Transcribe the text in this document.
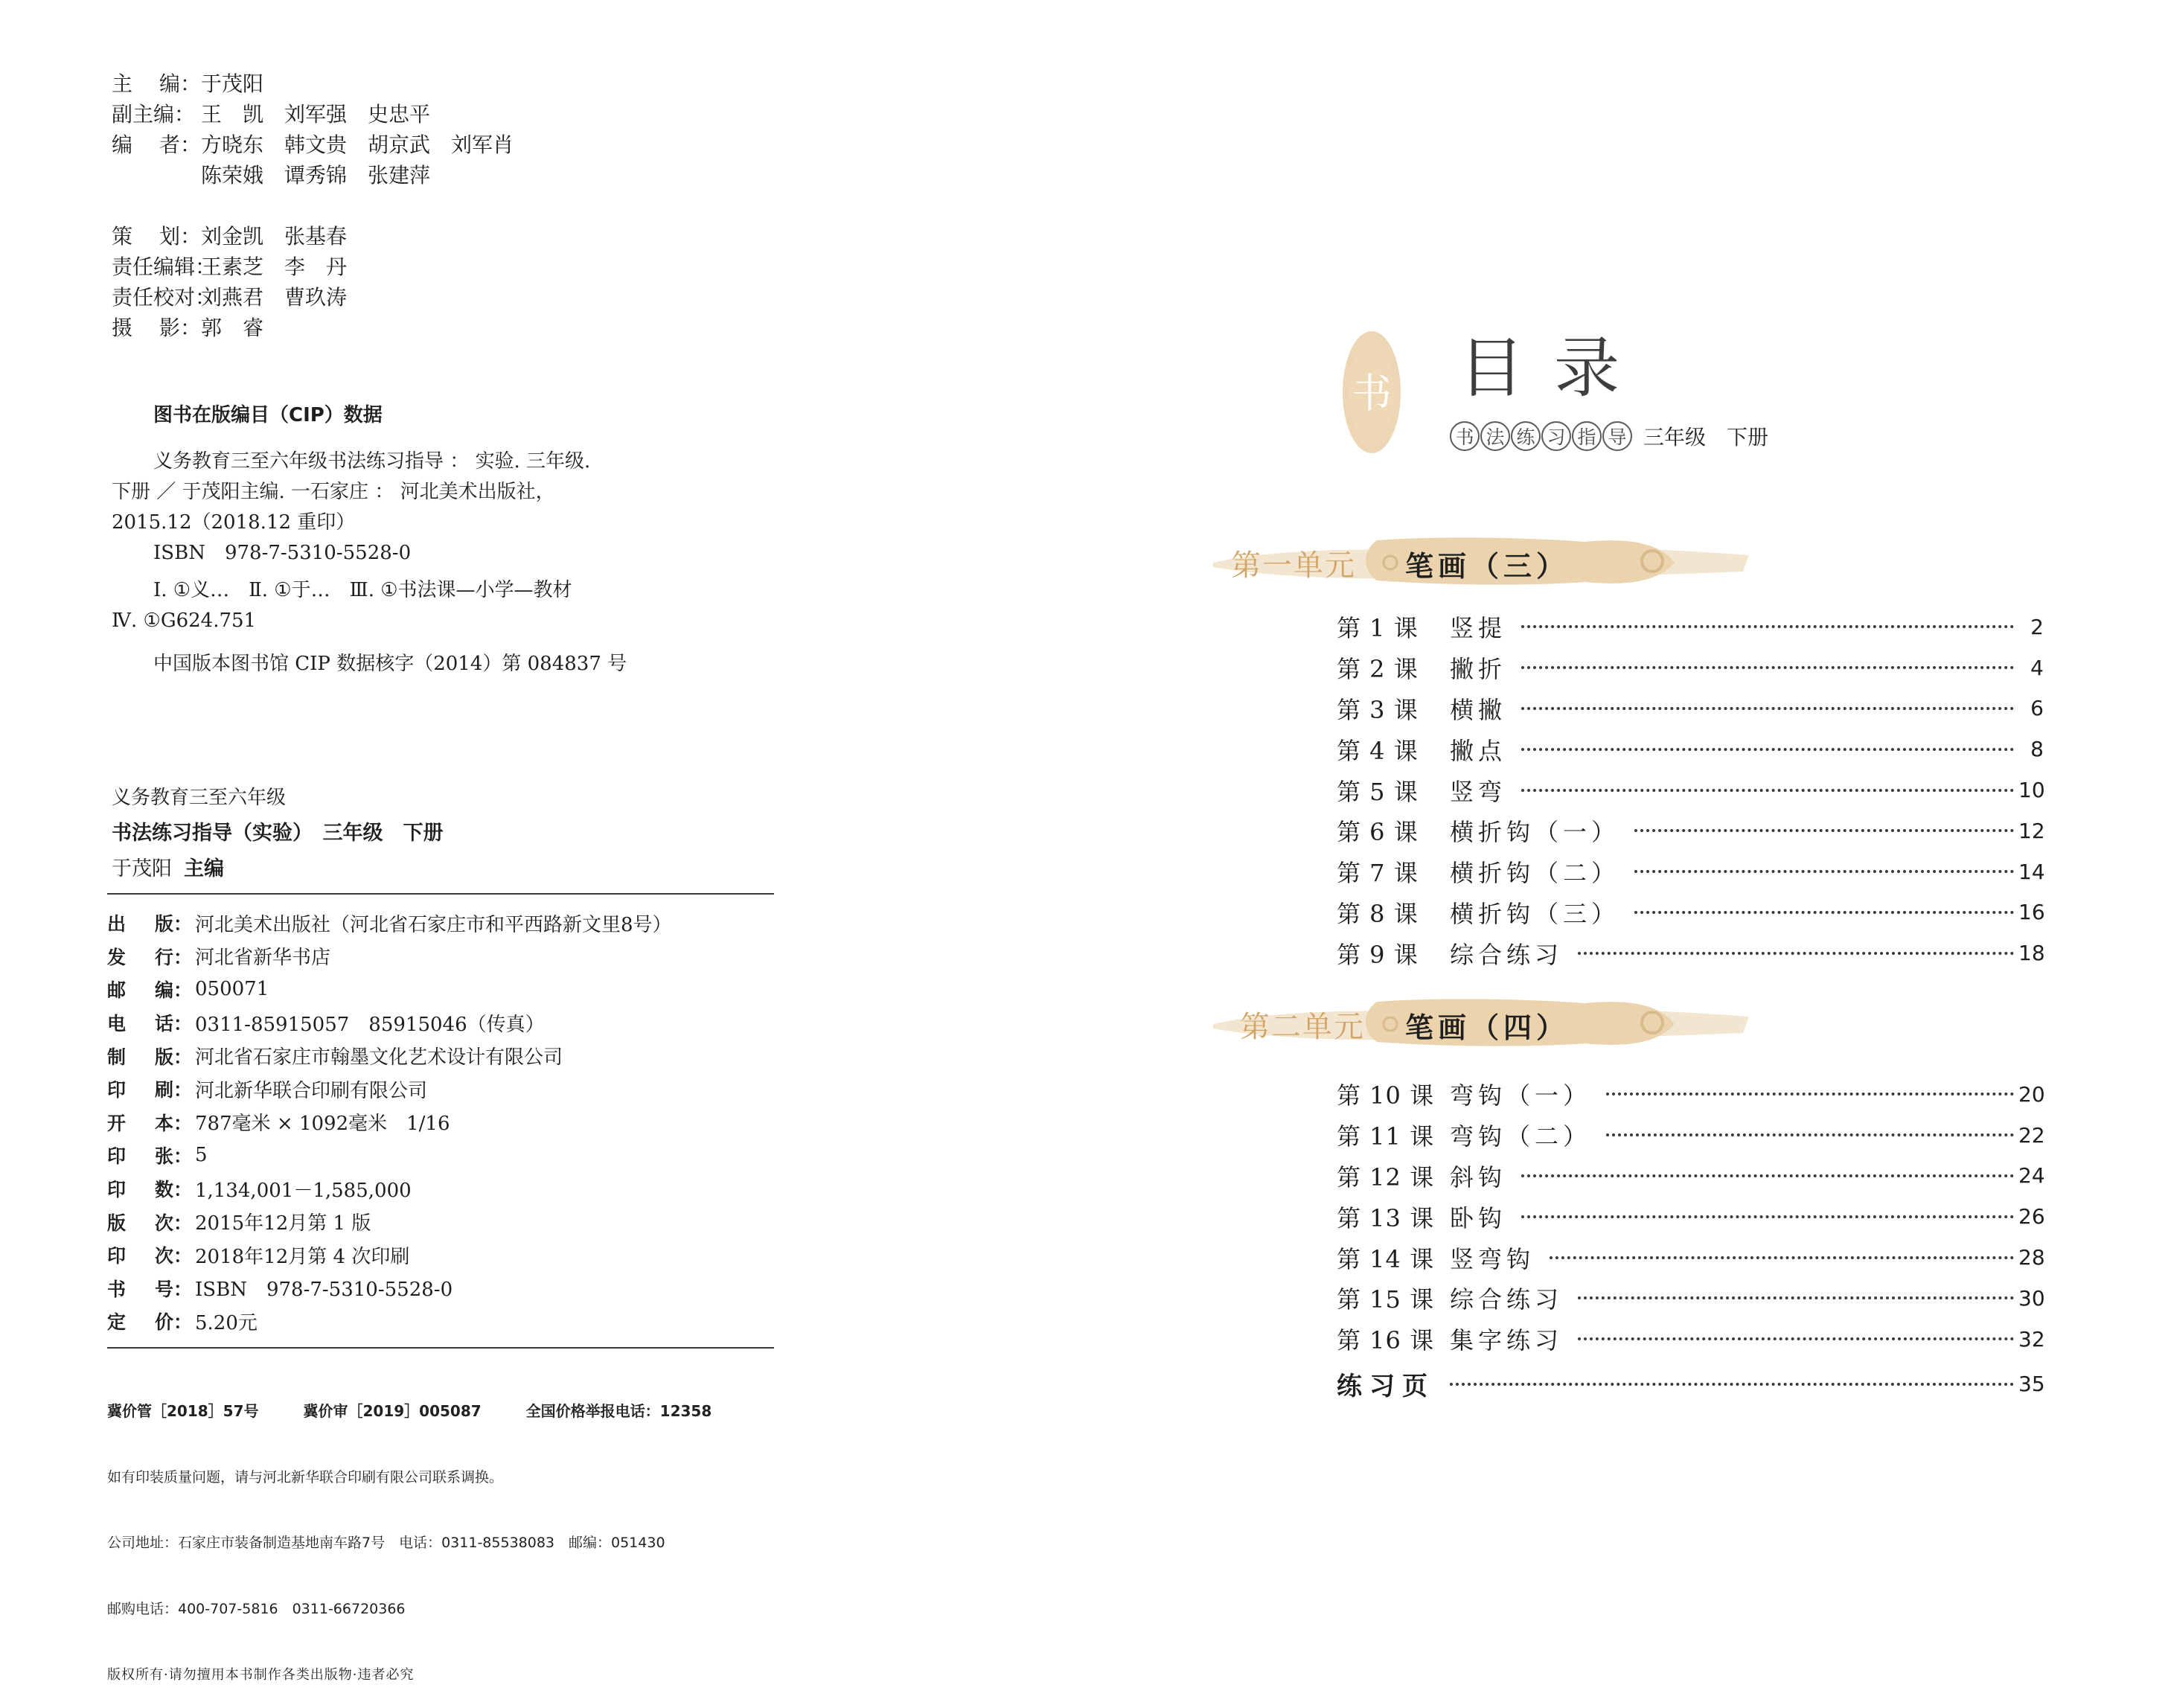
主 编： 于茂阳
副主编： 王　凯　刘军强　史忠平
编 者： 方晓东　韩文贵　胡京武　刘军肖
陈荣娥　谭秀锦　张建萍
策 划： 刘金凯　张基春
责任编辑：
王素芝　李　丹
责任校对：
刘燕君　曹玖涛
摄 影： 郭　睿
图书在版编目（CIP）数据
义务教育三至六年级书法练习指导 ： 实验. 三年级.
下册 ／ 于茂阳主编. 一石家庄 ： 河北美术出版社，
2015.12（2018.12 重印）
ISBN　978-7-5310-5528-0
Ⅰ. ①义…　Ⅱ. ①于…　Ⅲ. ①书法课—小学—教材
Ⅳ. ①G624.751
中国版本图书馆 CIP 数据核字（2014）第 084837 号
义务教育三至六年级
书法练习指导（实验）　三年级　下册
于茂阳 主编
出 版： 河北美术出版社（河北省石家庄市和平西路新文里8号）
发 行： 河北省新华书店
邮 编： 050071
电 话： 0311-85915057　85915046（传真）
制 版： 河北省石家庄市翰墨文化艺术设计有限公司
印 刷： 河北新华联合印刷有限公司
开 本： 787毫米 × 1092毫米　1/16
印 张： 5
印 数： 1,134,001－1,585,000
版 次： 2015年12月第 1 版
印 次： 2018年12月第 4 次印刷
书 号： ISBN　978-7-5310-5528-0
定 价： 5.20元

冀价管［2018］57号　　　冀价审［2019］005087　　　全国价格举报电话：12358

如有印装质量问题，请与河北新华联合印刷有限公司联系调换。

公司地址：石家庄市装备制造基地南车路7号　电话：0311-85538083　邮编：051430

邮购电话：400-707-5816　0311-66720366

版权所有·请勿擅用本书制作各类出版物·违者必究

书 目录
书 法 练 习 指 导 三年级　下册
第一单元 笔画（三）
第 1 课	竖提	2
第 2 课	撇折	4
第 3 课	横撇	6
第 4 课	撇点	8
第 5 课	竖弯	10
第 6 课	横折钩（一）	12
第 7 课	横折钩（二）	14
第 8 课	横折钩（三）	16
第 9 课	综合练习	18
第二单元 笔画（四）
第 10 课 弯钩（一）	20
第 11 课 弯钩（二）	22
第 12 课 斜钩	24
第 13 课 卧钩	26
第 14 课 竖弯钩	28
第 15 课 综合练习	30
第 16 课 集字练习	32
练习页	35
